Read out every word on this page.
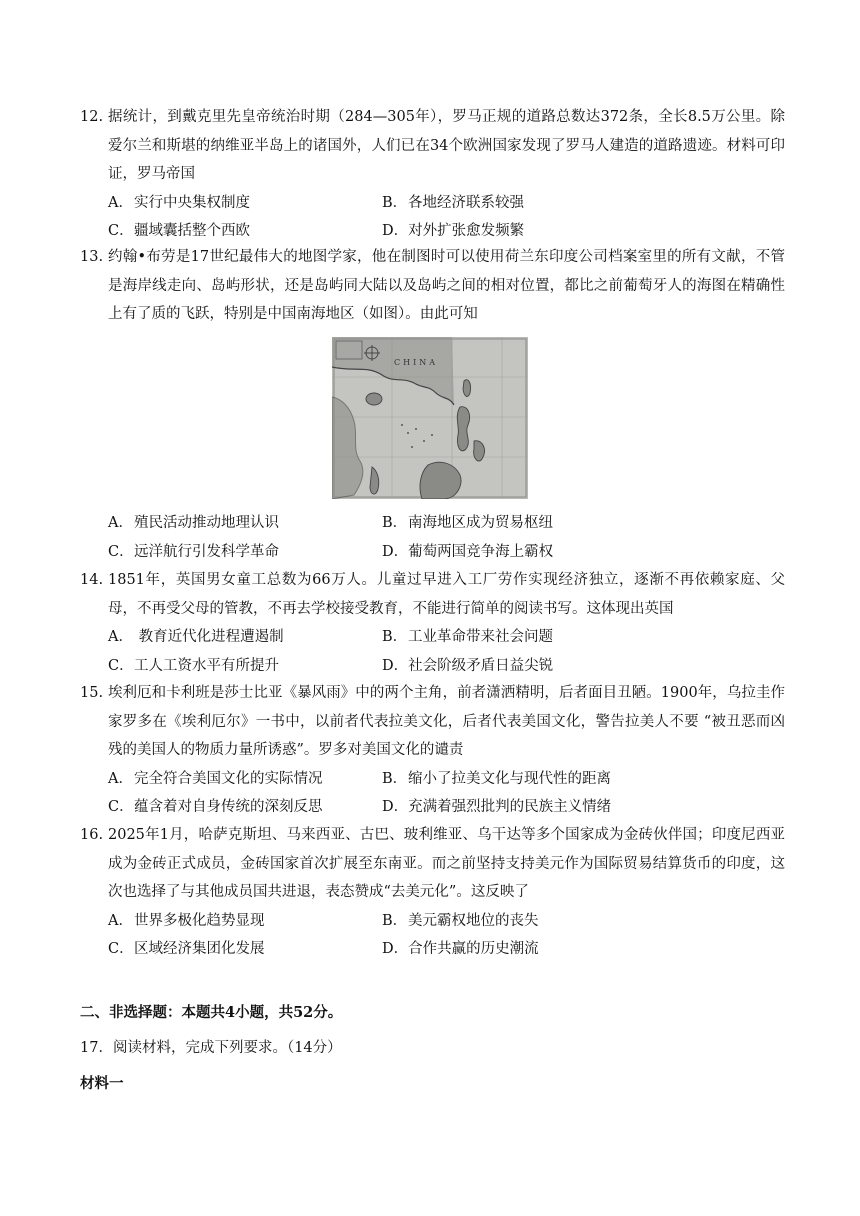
12. 据统计，到戴克里先皇帝统治时期（284—305年），罗马正规的道路总数达372条，全长8.5万公里。除爱尔兰和斯堪的纳维亚半岛上的诸国外，人们已在34个欧洲国家发现了罗马人建造的道路遗迹。材料可印证，罗马帝国
A．实行中央集权制度	B．各地经济联系较强
C．疆域囊括整个西欧	D．对外扩张愈发频繁
13. 约翰•布劳是17世纪最伟大的地图学家，他在制图时可以使用荷兰东印度公司档案室里的所有文献，不管是海岸线走向、岛屿形状，还是岛屿同大陆以及岛屿之间的相对位置，都比之前葡萄牙人的海图在精确性上有了质的飞跃，特别是中国南海地区（如图）。由此可知
CHINA
A．殖民活动推动地理认识	B．南海地区成为贸易枢纽
C．远洋航行引发科学革命	D．葡萄两国竞争海上霸权
14. 1851年，英国男女童工总数为66万人。儿童过早进入工厂劳作实现经济独立，逐渐不再依赖家庭、父母，不再受父母的管教，不再去学校接受教育，不能进行简单的阅读书写。这体现出英国
A． 教育近代化进程遭遏制	B．工业革命带来社会问题
C．工人工资水平有所提升	D．社会阶级矛盾日益尖锐
15. 埃利厄和卡利班是莎士比亚《暴风雨》中的两个主角，前者潇洒精明，后者面目丑陋。1900年，乌拉圭作家罗多在《埃利厄尔》一书中，以前者代表拉美文化，后者代表美国文化，警告拉美人不要 “被丑恶而凶残的美国人的物质力量所诱惑”。罗多对美国文化的谴责
A．完全符合美国文化的实际情况	B．缩小了拉美文化与现代性的距离
C．蕴含着对自身传统的深刻反思	D．充满着强烈批判的民族主义情绪
16. 2025年1月，哈萨克斯坦、马来西亚、古巴、玻利维亚、乌干达等多个国家成为金砖伙伴国；印度尼西亚成为金砖正式成员，金砖国家首次扩展至东南亚。而之前坚持支持美元作为国际贸易结算货币的印度，这次也选择了与其他成员国共进退，表态赞成“去美元化”。这反映了
A．世界多极化趋势显现	B．美元霸权地位的丧失
C．区域经济集团化发展	D．合作共赢的历史潮流
二、非选择题：本题共4小题，共52分。
17．阅读材料，完成下列要求。（14分）
材料一
